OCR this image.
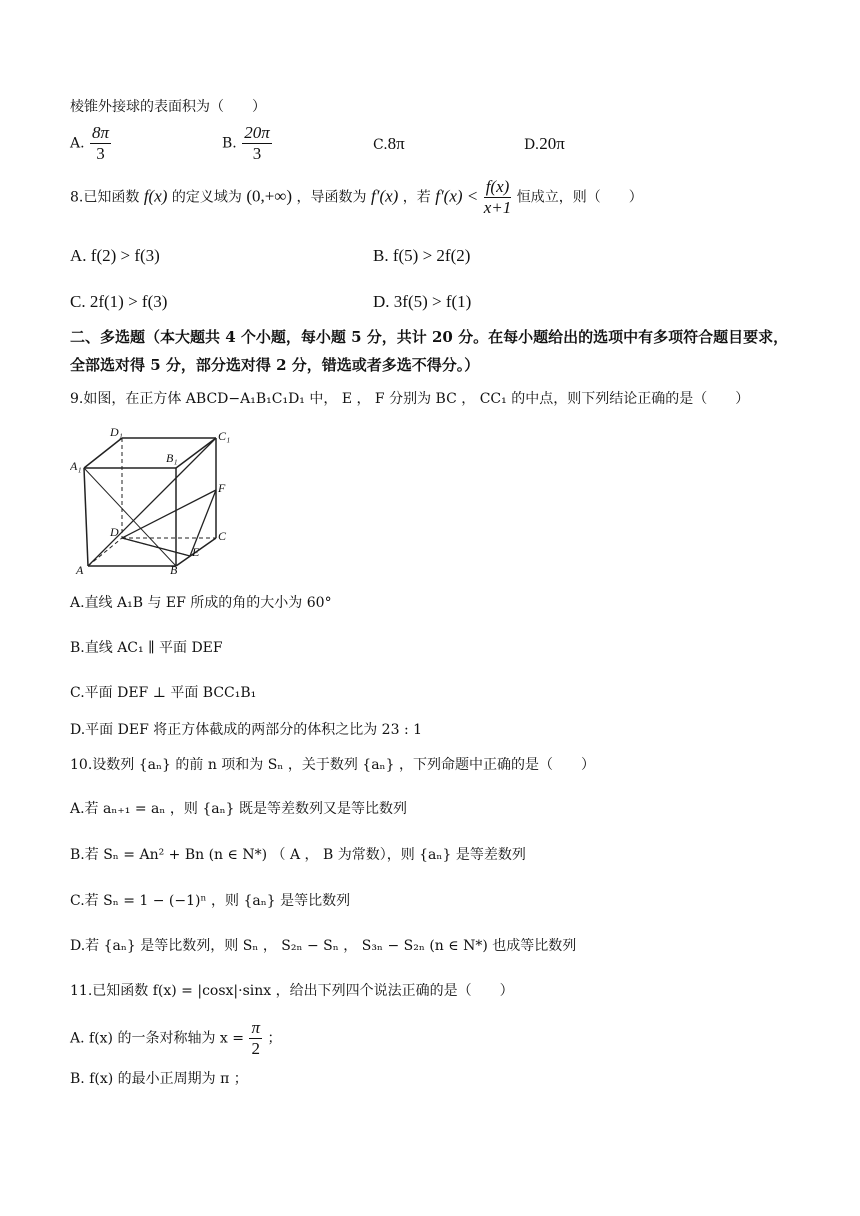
棱锥外接球的表面积为（　　）
A. $\frac{8\pi}{3}$	B. $\frac{20\pi}{3}$	C.8π	D.20π
8.已知函数 f(x) 的定义域为 (0,+∞) ，导函数为 f′(x) ，若 $f'(x) < \frac{f(x)}{x+1}$ 恒成立，则（　　）
A. f(2) > f(3)	B. f(5) > 2f(2)
C. 2f(1) > f(3)	D. 3f(5) > f(1)
二、多选题（本大题共 4 个小题，每小题 5 分，共计 20 分。在每小题给出的选项中有多项符合题目要求，全部选对得 5 分，部分选对得 2 分，错选或者多选不得分。）
9.如图，在正方体 ABCD−A₁B₁C₁D₁ 中， E ， F 分别为 BC ， CC₁ 的中点，则下列结论正确的是（　　）
D₁	C₁
A₁
B₁
F
D	C
E
A	B
A.直线 A₁B 与 EF 所成的角的大小为 60°
B.直线 AC₁ ∥ 平面 DEF
C.平面 DEF ⊥ 平面 BCC₁B₁
D.平面 DEF 将正方体截成的两部分的体积之比为 23 : 1
10.设数列 {aₙ} 的前 n 项和为 Sₙ ，关于数列 {aₙ} ，下列命题中正确的是（　　）
A.若 aₙ₊₁ = aₙ ，则 {aₙ} 既是等差数列又是等比数列
B.若 Sₙ = An² + Bn (n ∈ N*) （ A ， B 为常数），则 {aₙ} 是等差数列
C.若 Sₙ = 1 − (−1)ⁿ ，则 {aₙ} 是等比数列
D.若 {aₙ} 是等比数列，则 Sₙ ， S₂ₙ − Sₙ ， S₃ₙ − S₂ₙ (n ∈ N*) 也成等比数列
11.已知函数 f(x) = |cosx|·sinx ，给出下列四个说法正确的是（　　）
A. f(x) 的一条对称轴为 $x = \frac{\pi}{2}$ ；
B. f(x) 的最小正周期为 π ；
